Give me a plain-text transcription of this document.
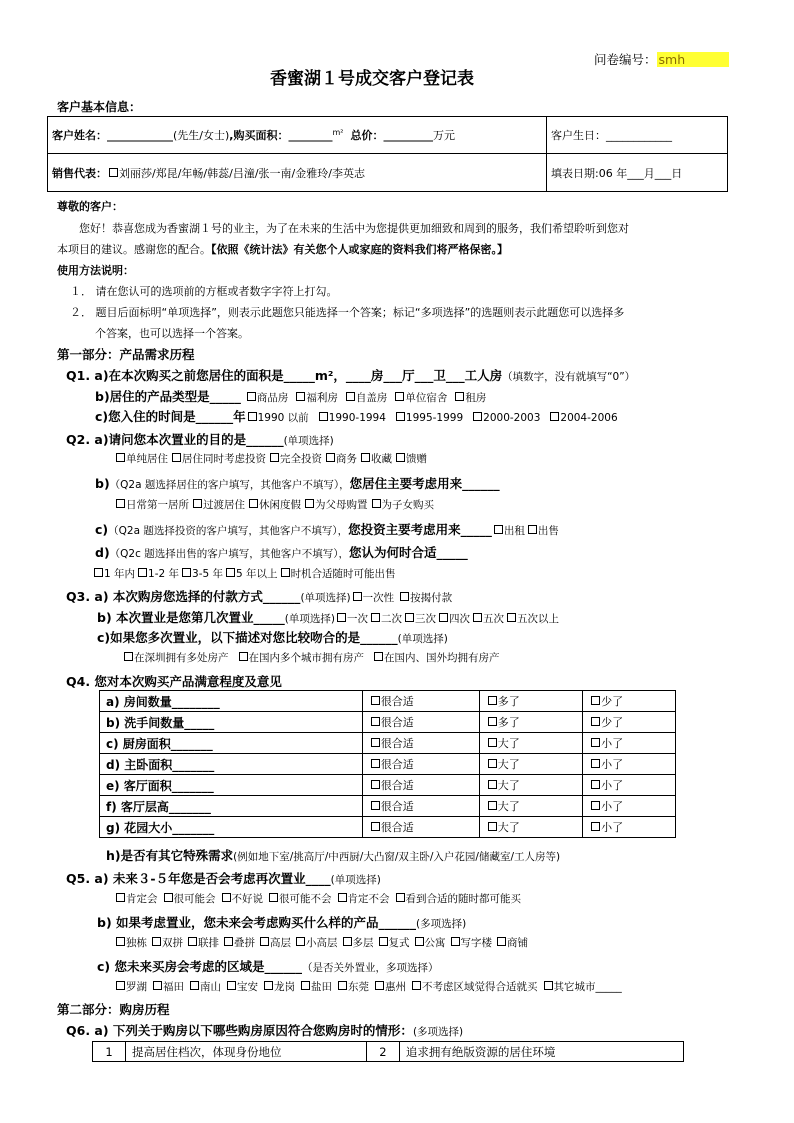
问卷编号： smh
香蜜湖１号成交客户登记表
客户基本信息：
客户姓名：____________(先生/女士),购买面积：________$^{m^2}$ 总价：_________万元	客户生日：____________
销售代表： 刘丽莎/郑昆/年畅/韩蕊/吕潼/张一南/金雅玲/李英志	填表日期:06 年___月___日
尊敬的客户：
您好！恭喜您成为香蜜湖１号的业主，为了在未来的生活中为您提供更加细致和周到的服务，我们希望聆听到您对
本项目的建议。感谢您的配合。【依照《统计法》有关您个人或家庭的资料我们将严格保密。】
使用方法说明：
１． 请在您认可的选项前的方框或者数字字符上打勾。
２． 题目后面标明“单项选择”，则表示此题您只能选择一个答案；标记“多项选择”的选题则表示此题您可以选择多
个答案，也可以选择一个答案。
第一部分：产品需求历程
Q1. a)在本次购买之前您居住的面积是_____m²，____房___厅___卫___工人房（填数字，没有就填写“0”）
b)居住的产品类型是_____ 商品房 福利房 自盖房 单位宿舍 租房
c)您入住的时间是______年 1990 以前 1990-1994 1995-1999 2000-2003 2004-2006
Q2. a)请问您本次置业的目的是______(单项选择)
单纯居住 居住同时考虑投资 完全投资 商务 收藏 馈赠
b)（Q2a 题选择居住的客户填写，其他客户不填写），您居住主要考虑用来______
日常第一居所 过渡居住 休闲度假 为父母购置 为子女购买
c)（Q2a 题选择投资的客户填写，其他客户不填写），您投资主要考虑用来_____ 出租 出售
d)（Q2c 题选择出售的客户填写，其他客户不填写），您认为何时合适_____
1 年内 1-2 年 3-5 年 5 年以上 时机合适随时可能出售
Q3. a) 本次购房您选择的付款方式______(单项选择) 一次性 按揭付款
b) 本次置业是您第几次置业_____(单项选择) 一次 二次 三次 四次 五次 五次以上
c)如果您多次置业，以下描述对您比较吻合的是______(单项选择)
在深圳拥有多处房产 在国内多个城市拥有房产 在国内、国外均拥有房产
Q4. 您对本次购买产品满意程度及意见
a) 房间数量________	很合适	多了	少了
b) 洗手间数量_____	很合适	多了	少了
c) 厨房面积_______	很合适	大了	小了
d) 主卧面积_______	很合适	大了	小了
e) 客厅面积_______	很合适	大了	小了
f) 客厅层高_______	很合适	大了	小了
g) 花园大小_______	很合适	大了	小了
h)是否有其它特殊需求(例如地下室/挑高厅/中西厨/大凸窗/双主卧/入户花园/储藏室/工人房等)
Q5. a) 未来３-５年您是否会考虑再次置业____(单项选择)
肯定会 很可能会 不好说 很可能不会 肯定不会 看到合适的随时都可能买
b) 如果考虑置业，您未来会考虑购买什么样的产品______(多项选择)
独栋 双拼 联排 叠拼 高层 小高层 多层 复式 公寓 写字楼 商铺
c) 您未来买房会考虑的区域是______（是否关外置业，多项选择）
罗湖 福田 南山 宝安 龙岗 盐田 东莞 惠州 不考虑区域觉得合适就买 其它城市_____
第二部分：购房历程
Q6. a) 下列关于购房以下哪些购房原因符合您购房时的情形：(多项选择)
1	提高居住档次，体现身份地位	2	追求拥有绝版资源的居住环境
